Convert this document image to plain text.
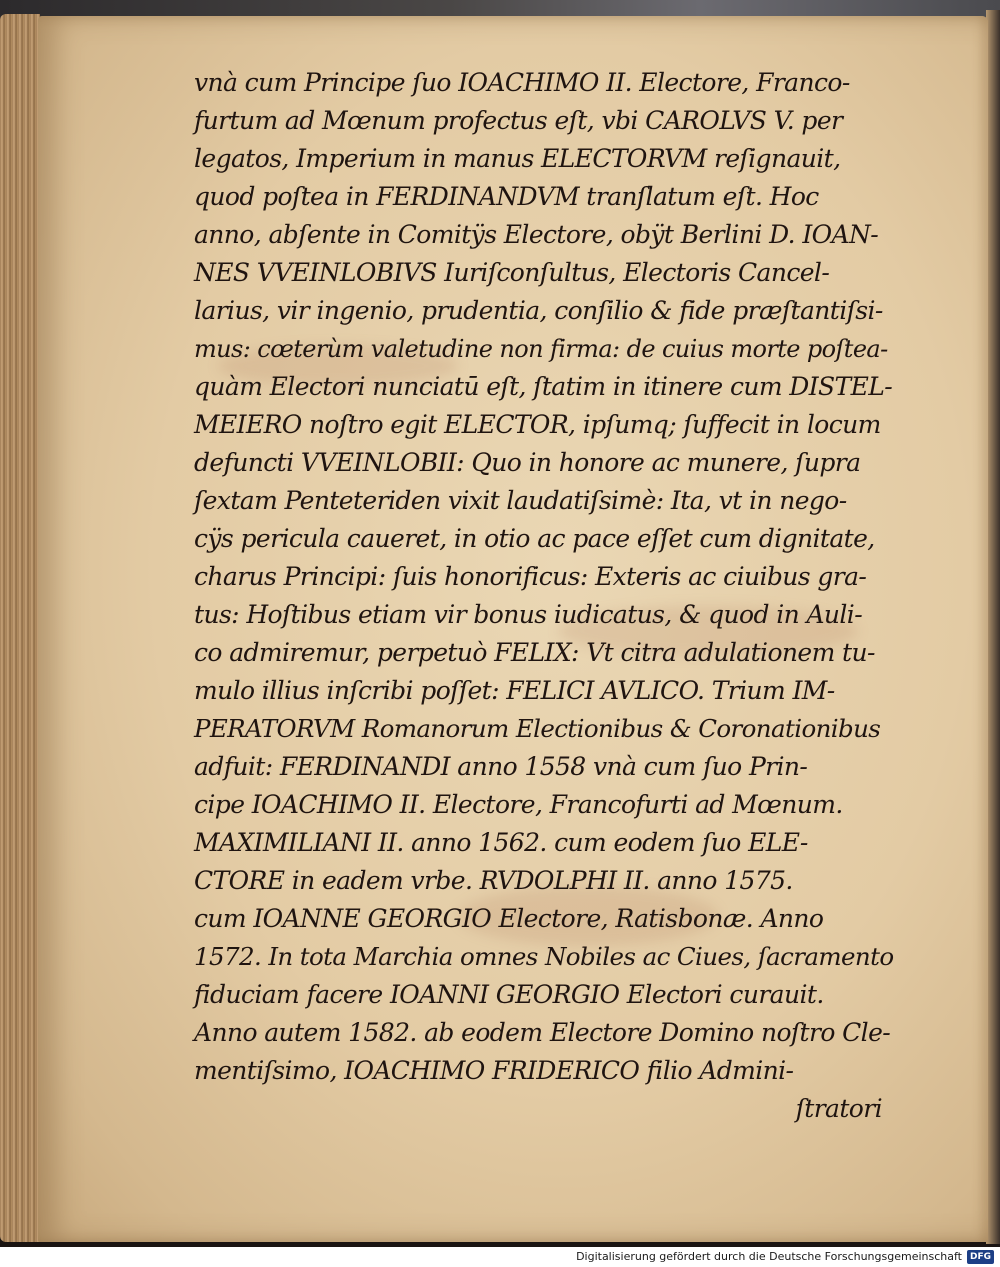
vnà cum Principe ſuo IOACHIMO II. Electore, Franco-
furtum ad Mœnum profectus eſt, vbi CAROLVS V. per
legatos, Imperium in manus ELECTORVM reſignauit,
quod poſtea in FERDINANDVM tranſlatum eſt. Hoc
anno, abſente in Comitÿs Electore, obÿt Berlini D. IOAN-
NES VVEINLOBIVS Iuriſconſultus, Electoris Cancel-
larius, vir ingenio, prudentia, conſilio & fide præſtantiſsi-
mus: cœterùm valetudine non firma: de cuius morte poſtea-
quàm Electori nunciatū eſt, ſtatim in itinere cum DISTEL-
MEIERO noſtro egit ELECTOR, ipſumq; ſuffecit in locum
defuncti VVEINLOBII: Quo in honore ac munere, ſupra
ſextam Penteteriden vixit laudatiſsimè: Ita, vt in nego-
cÿs pericula caueret, in otio ac pace eſſet cum dignitate,
charus Principi: ſuis honorificus: Exteris ac ciuibus gra-
tus: Hoſtibus etiam vir bonus iudicatus, & quod in Auli-
co admiremur, perpetuò FELIX: Vt citra adulationem tu-
mulo illius inſcribi poſſet: FELICI AVLICO. Trium IM-
PERATORVM Romanorum Electionibus & Coronationibus
adfuit: FERDINANDI anno 1558 vnà cum ſuo Prin-
cipe IOACHIMO II. Electore, Francofurti ad Mœnum.
MAXIMILIANI II. anno 1562. cum eodem ſuo ELE-
CTORE in eadem vrbe. RVDOLPHI II. anno 1575.
cum IOANNE GEORGIO Electore, Ratisbonæ. Anno
1572. In tota Marchia omnes Nobiles ac Ciues, ſacramento
fiduciam facere IOANNI GEORGIO Electori curauit.
Anno autem 1582. ab eodem Electore Domino noſtro Cle-
mentiſsimo, IOACHIMO FRIDERICO filio Admini-
ſtratori
Digitalisierung gefördert durch die Deutsche Forschungsgemeinschaft DFG
